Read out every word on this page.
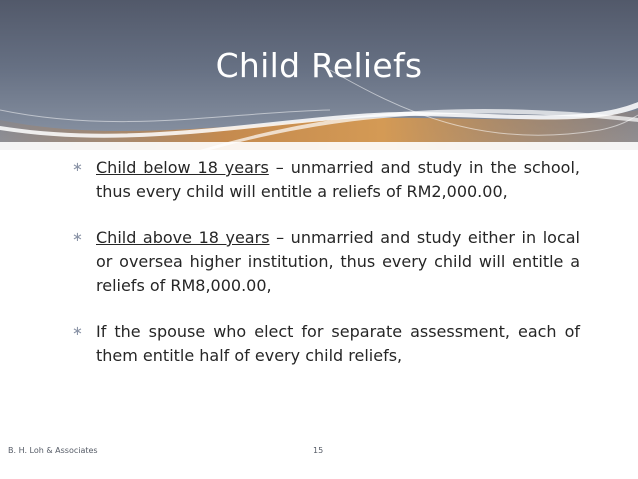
Child Reliefs
∗ Child below 18 years – unmarried and study in the school, thus every child will entitle a reliefs of RM2,000.00,
∗ Child above 18 years – unmarried and study either in local or oversea higher institution, thus every child will entitle a reliefs of RM8,000.00,
∗ If the spouse who elect for separate assessment, each of them entitle half of every child reliefs,
B. H. Loh & Associates	15
